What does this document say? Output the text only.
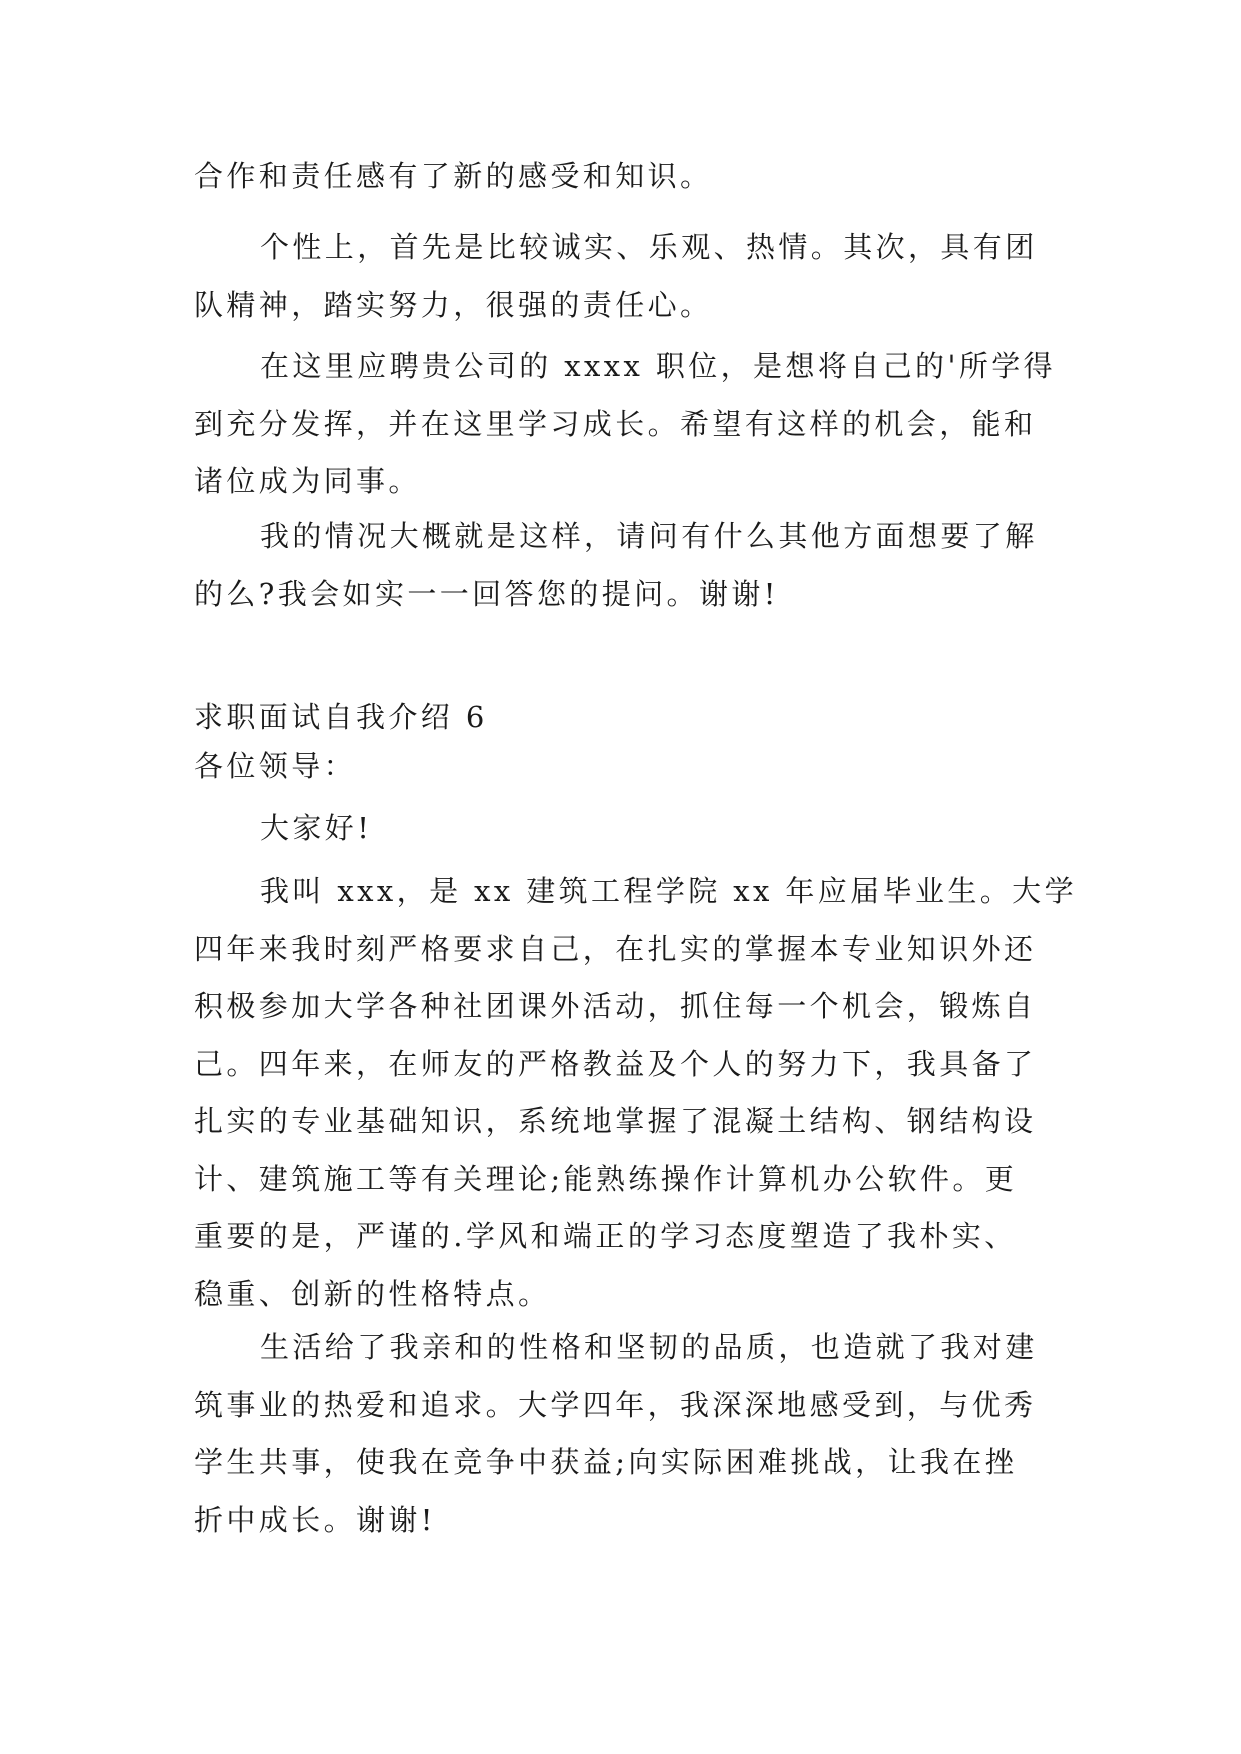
合作和责任感有了新的感受和知识。
个性上，首先是比较诚实、乐观、热情。其次，具有团
队精神，踏实努力，很强的责任心。
在这里应聘贵公司的 xxxx 职位，是想将自己的'所学得
到充分发挥，并在这里学习成长。希望有这样的机会，能和
诸位成为同事。
我的情况大概就是这样，请问有什么其他方面想要了解
的么?我会如实一一回答您的提问。谢谢!
求职面试自我介绍 6
各位领导：
大家好!
我叫 xxx，是 xx 建筑工程学院 xx 年应届毕业生。大学
四年来我时刻严格要求自己，在扎实的掌握本专业知识外还
积极参加大学各种社团课外活动，抓住每一个机会，锻炼自
己。四年来，在师友的严格教益及个人的努力下，我具备了
扎实的专业基础知识，系统地掌握了混凝土结构、钢结构设
计、建筑施工等有关理论;能熟练操作计算机办公软件。更
重要的是，严谨的.学风和端正的学习态度塑造了我朴实、
稳重、创新的性格特点。
生活给了我亲和的性格和坚韧的品质，也造就了我对建
筑事业的热爱和追求。大学四年，我深深地感受到，与优秀
学生共事，使我在竞争中获益;向实际困难挑战，让我在挫
折中成长。谢谢!
